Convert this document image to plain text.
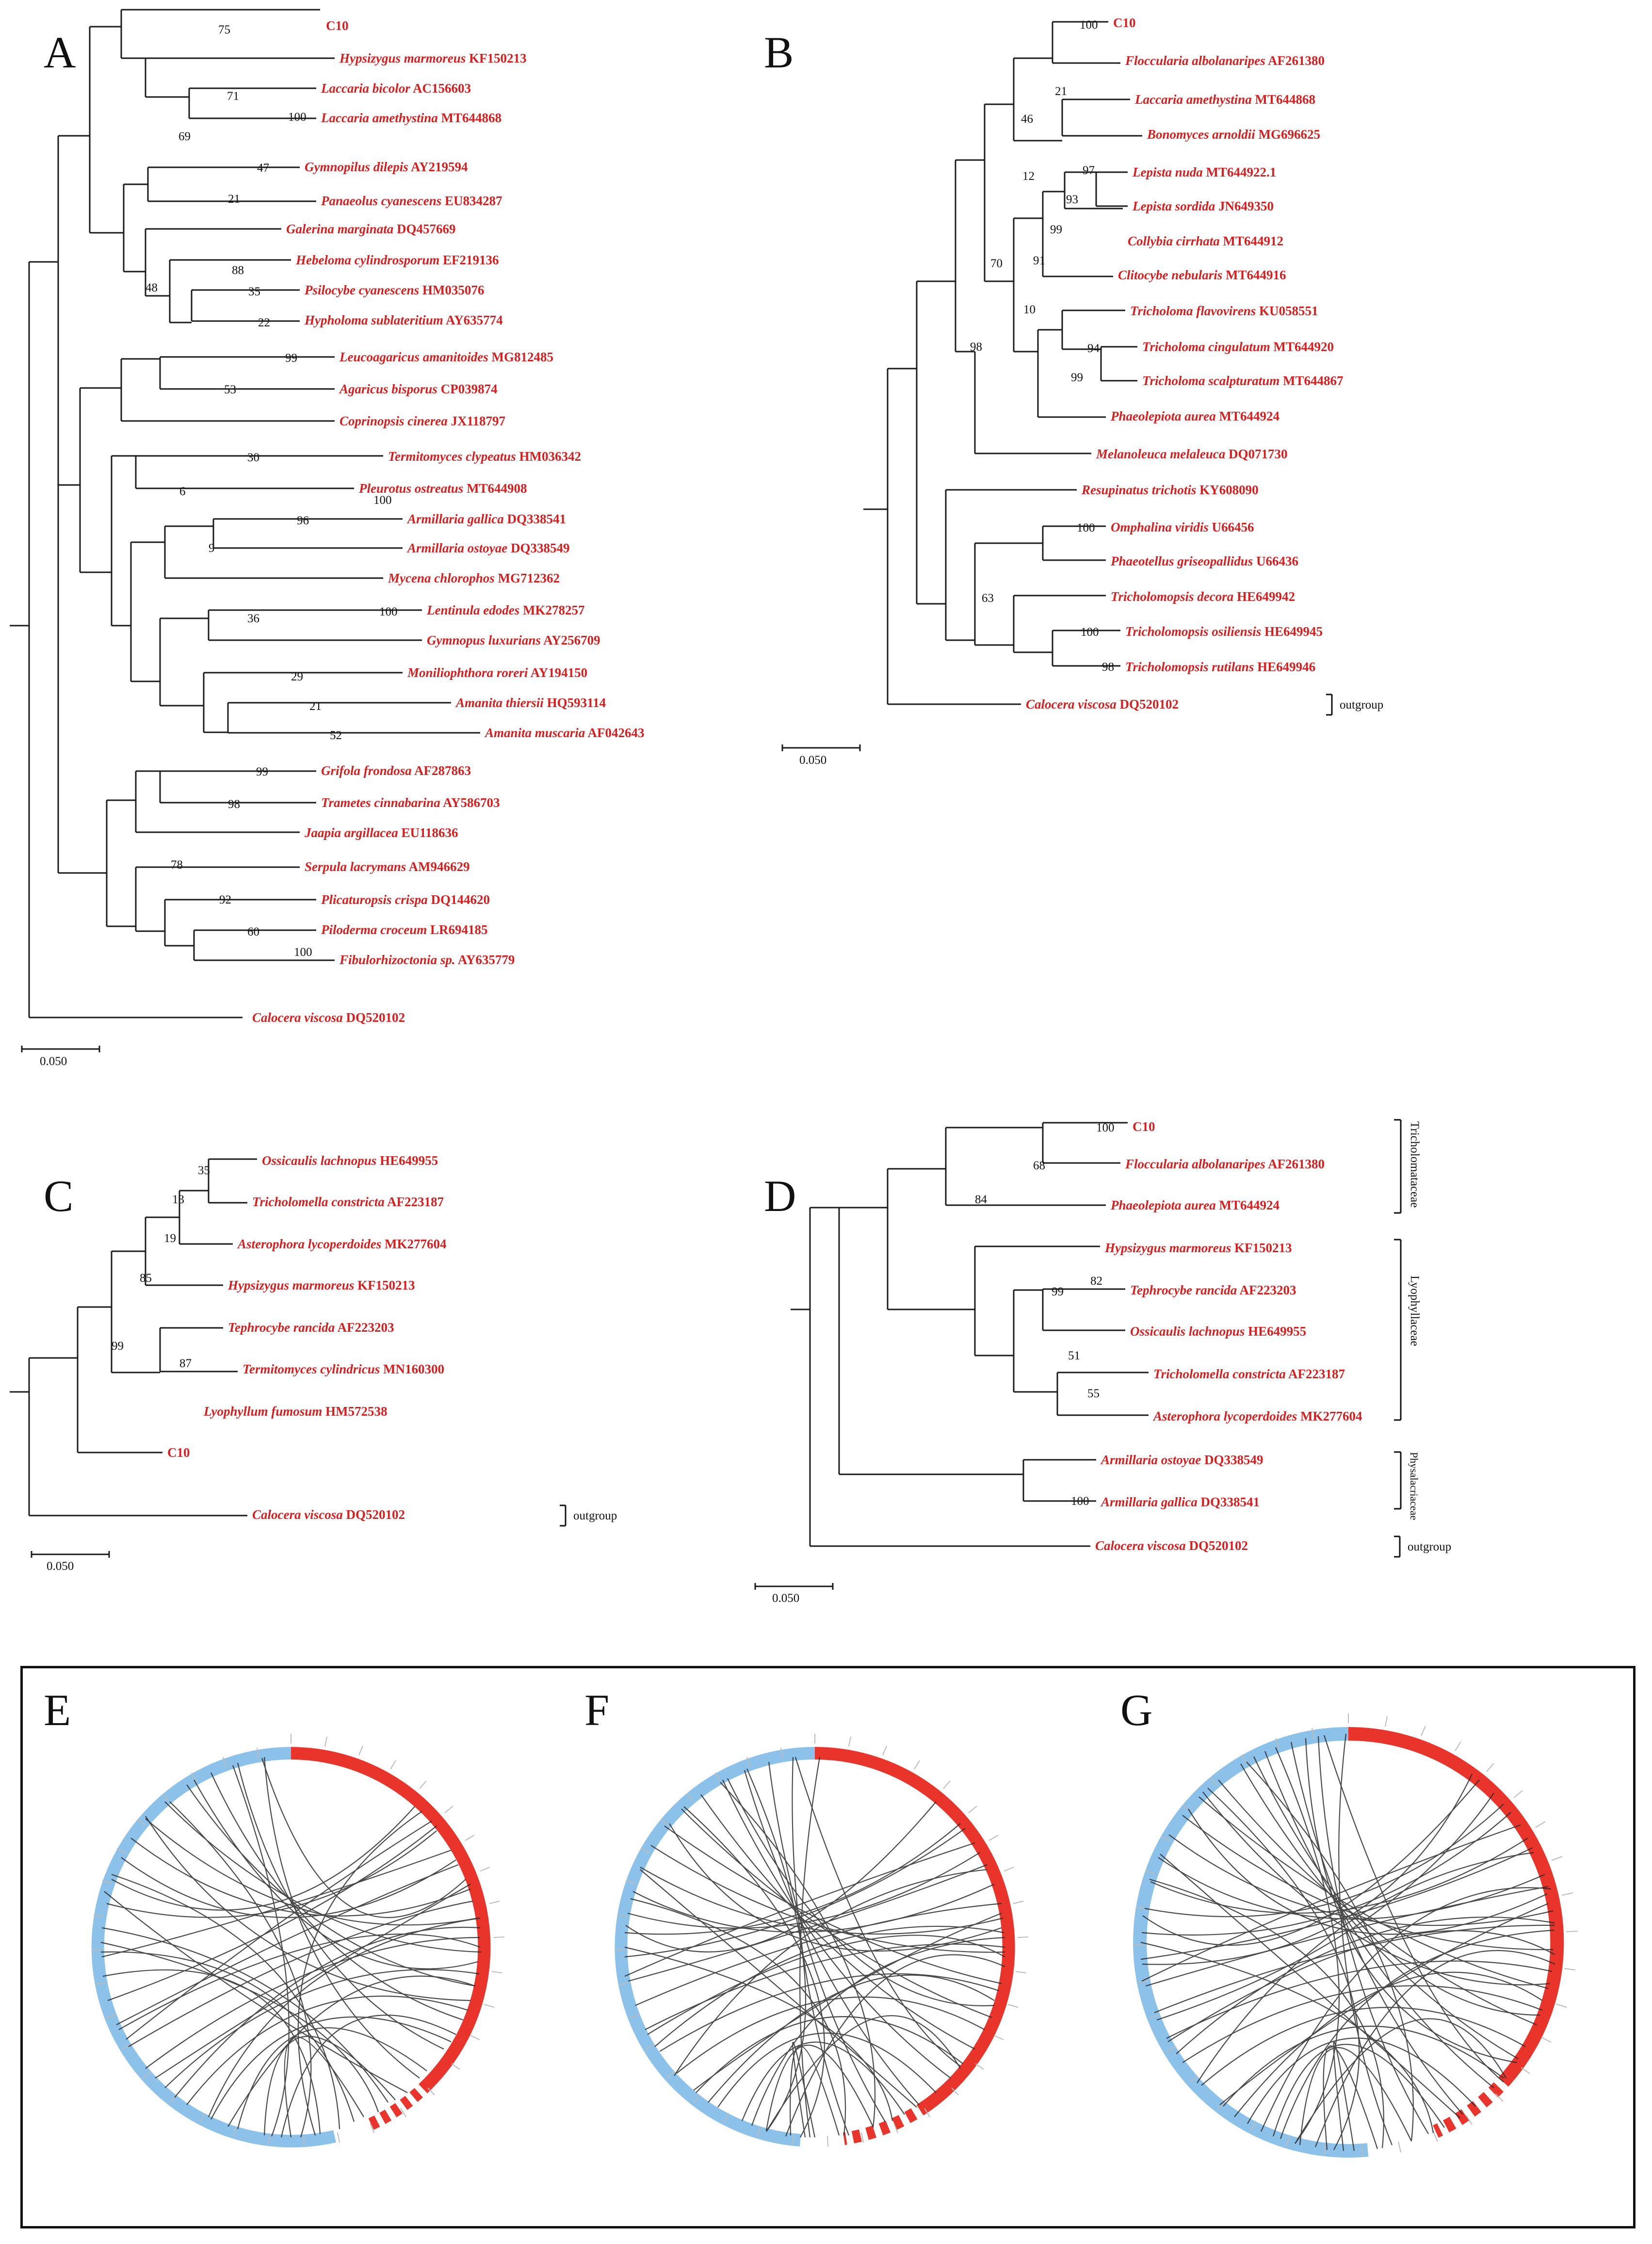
A
C10
Hypsizygus marmoreus KF150213
Laccaria bicolor AC156603
Laccaria amethystina MT644868
Gymnopilus dilepis AY219594
Panaeolus cyanescens EU834287
Galerina marginata DQ457669
Hebeloma cylindrosporum EF219136
Psilocybe cyanescens HM035076
Hypholoma sublateritium AY635774
Leucoagaricus amanitoides MG812485
Agaricus bisporus CP039874
Coprinopsis cinerea JX118797
Termitomyces clypeatus HM036342
Pleurotus ostreatus MT644908
Armillaria gallica DQ338541
Armillaria ostoyae DQ338549
Mycena chlorophos MG712362
Lentinula edodes MK278257
Gymnopus luxurians AY256709
Moniliophthora roreri AY194150
Amanita thiersii HQ593114
Amanita muscaria AF042643
Grifola frondosa AF287863
Trametes cinnabarina AY586703
Jaapia argillacea EU118636
Serpula lacrymans AM946629
Plicaturopsis crispa DQ144620
Piloderma croceum LR694185
Fibulorhizoctonia sp. AY635779
Calocera viscosa DQ520102
75
71
100
69
47
21
88
35
22
48
99
53
30
6
9
96
100
36
100
29
21
52
99
98
78
92
60
100
0.050
B
C10
Floccularia albolanaripes AF261380
Laccaria amethystina MT644868
Bonomyces arnoldii MG696625
Lepista nuda MT644922.1
Lepista sordida JN649350
Collybia cirrhata MT644912
Clitocybe nebularis MT644916
Tricholoma flavovirens KU058551
Tricholoma cingulatum MT644920
Tricholoma scalpturatum MT644867
Phaeolepiota aurea MT644924
Melanoleuca melaleuca DQ071730
Resupinatus trichotis KY608090
Omphalina viridis U66456
Phaeotellus griseopallidus U66436
Tricholomopsis decora HE649942
Tricholomopsis osiliensis HE649945
Tricholomopsis rutilans HE649946
Calocera viscosa DQ520102
100
21
46
97
93
99
91
12
10
94
99
70
98
100
63
100
98
outgroup
0.050
C
Ossicaulis lachnopus HE649955
Tricholomella constricta AF223187
Asterophora lycoperdoides MK277604
Hypsizygus marmoreus KF150213
Tephrocybe rancida AF223203
Termitomyces cylindricus MN160300
Lyophyllum fumosum HM572538
C10
Calocera viscosa DQ520102
35
13
19
85
87
99
outgroup
0.050
D
C10
Floccularia albolanaripes AF261380
Phaeolepiota aurea MT644924
Hypsizygus marmoreus KF150213
Tephrocybe rancida AF223203
Ossicaulis lachnopus HE649955
Tricholomella constricta AF223187
Asterophora lycoperdoides MK277604
Armillaria ostoyae DQ338549
Armillaria gallica DQ338541
Calocera viscosa DQ520102
100
68
84
99
82
51
55
100
Tricholomataceae
Lyophyllaceae
Physalacriaceae
outgroup
0.050
E	F	G
